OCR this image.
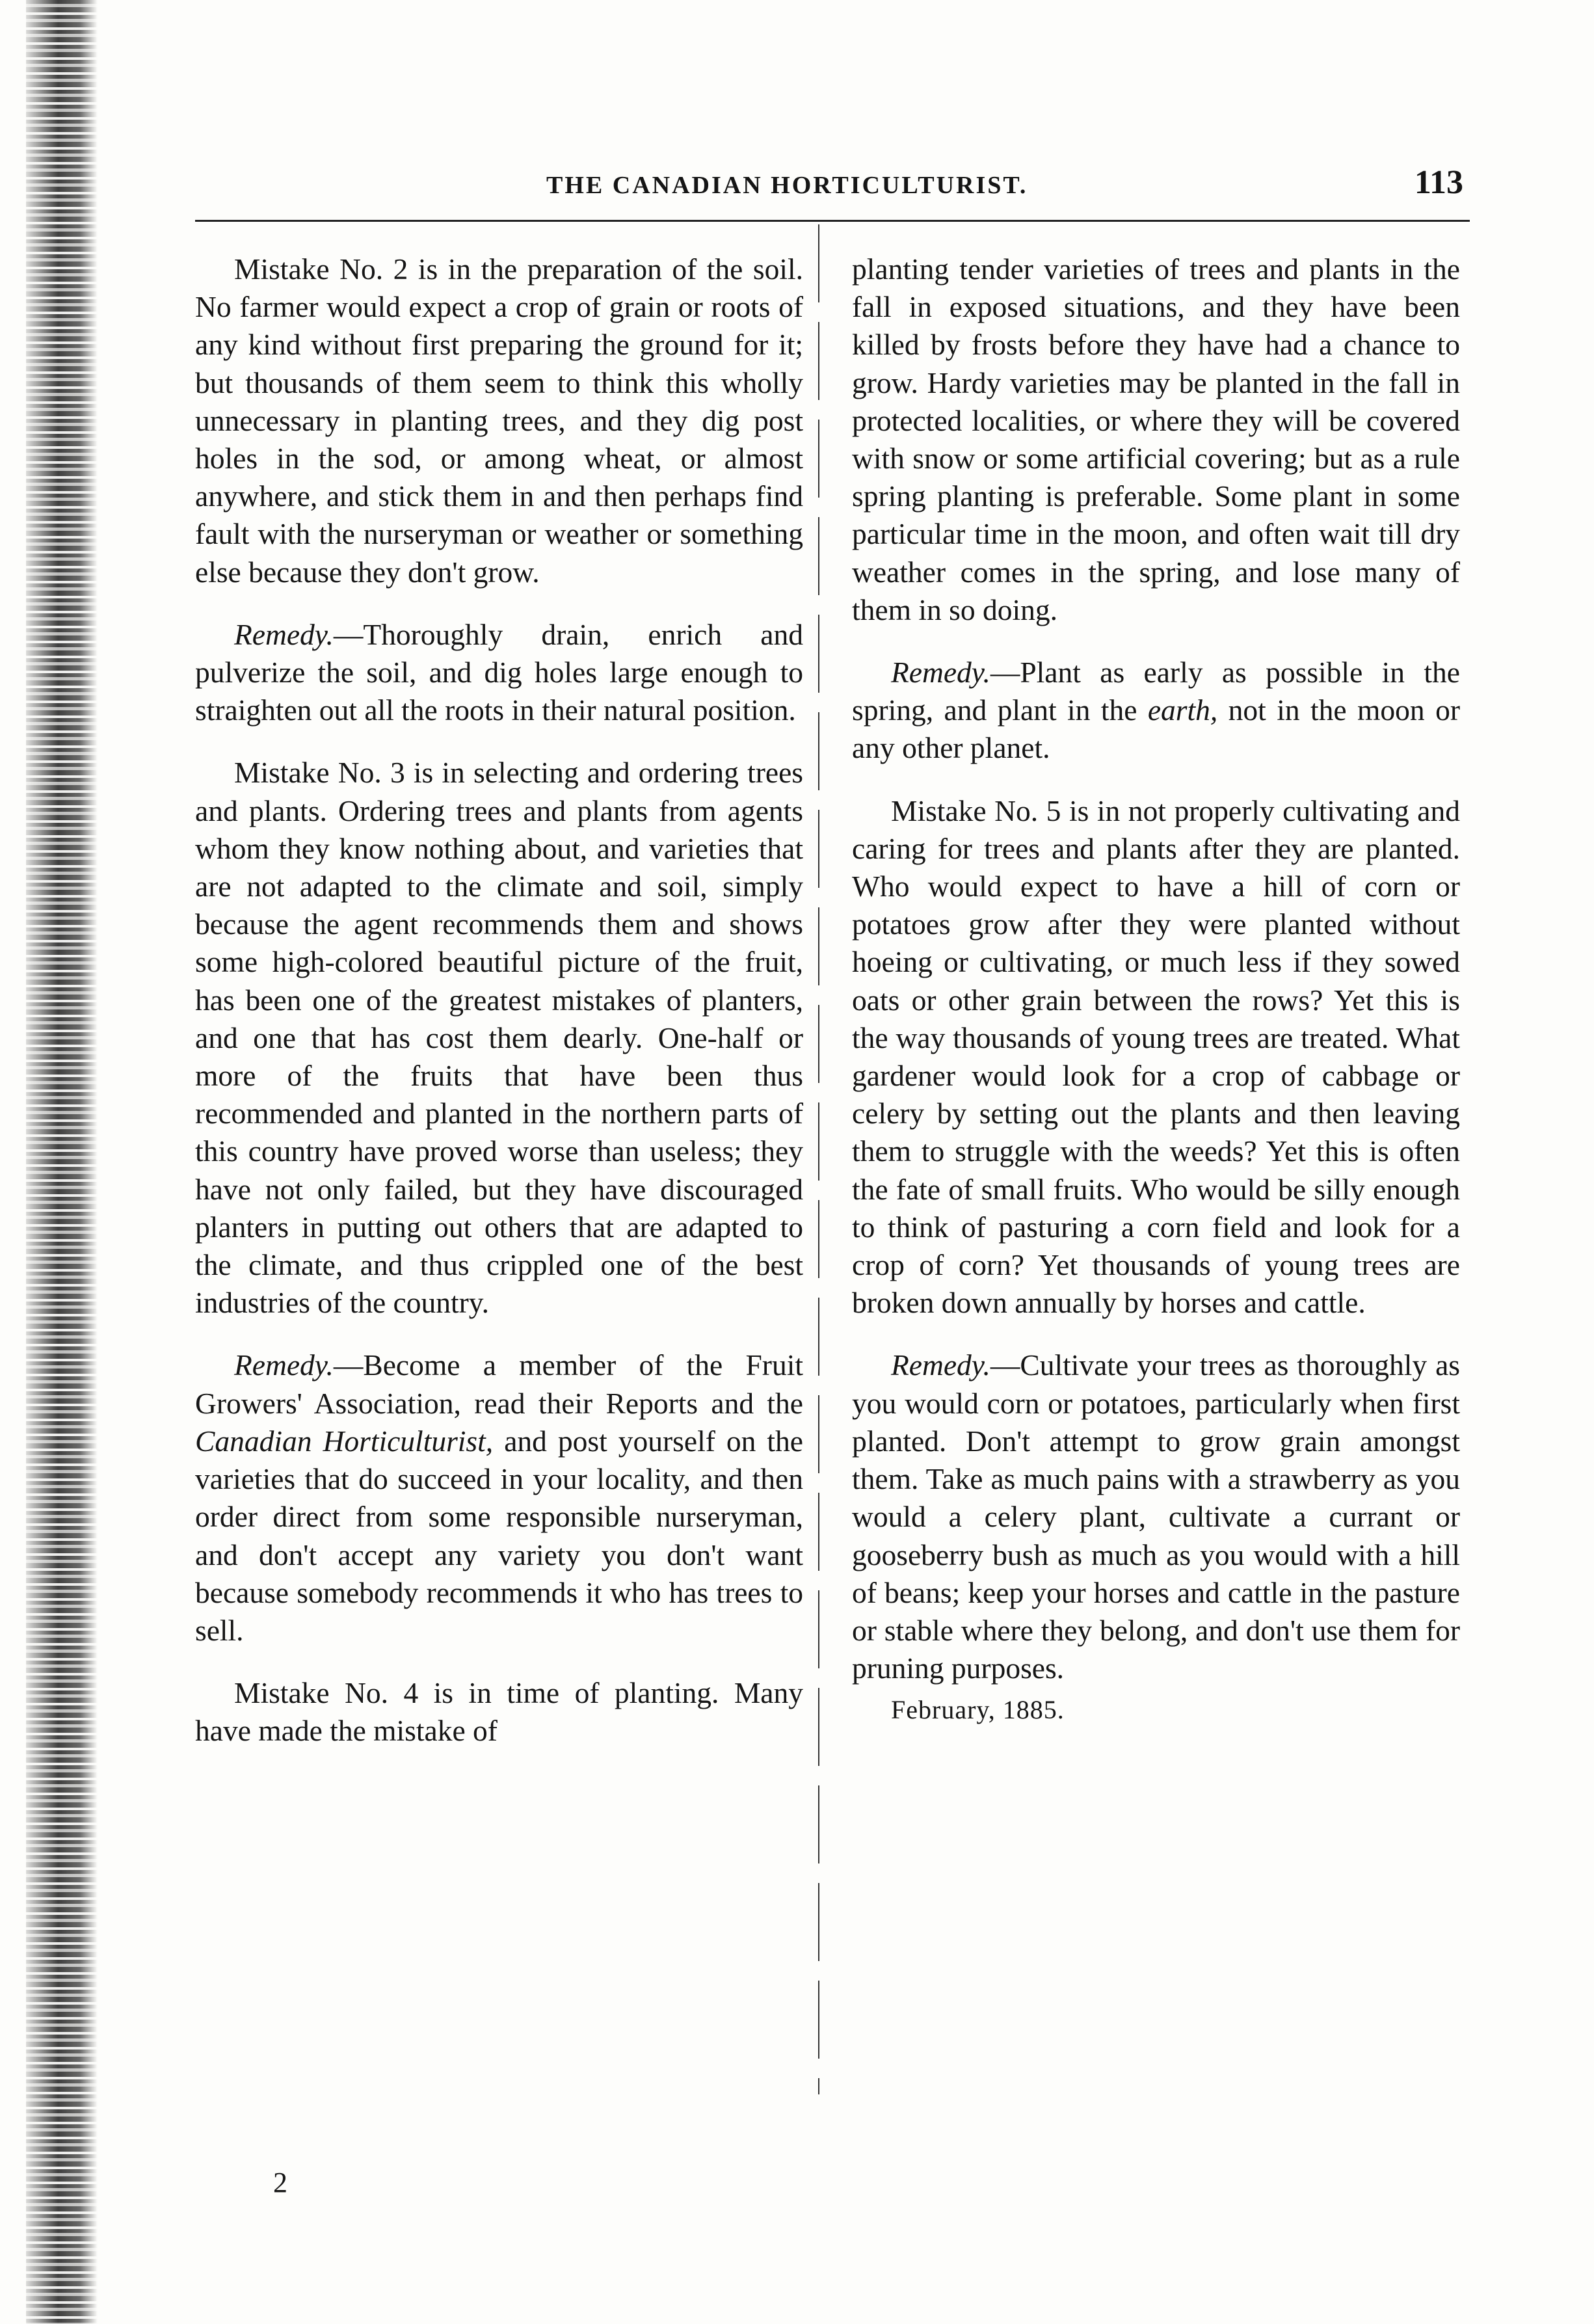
THE CANADIAN HORTICULTURIST.	113

Mistake No. 2 is in the preparation of the soil. No farmer would expect a crop of grain or roots of any kind without first preparing the ground for it; but thousands of them seem to think this wholly unnecessary in planting trees, and they dig post holes in the sod, or among wheat, or almost anywhere, and stick them in and then perhaps find fault with the nurseryman or weather or something else because they don't grow.

Remedy.—Thoroughly drain, enrich and pulverize the soil, and dig holes large enough to straighten out all the roots in their natural position.

Mistake No. 3 is in selecting and ordering trees and plants. Ordering trees and plants from agents whom they know nothing about, and varieties that are not adapted to the climate and soil, simply because the agent recommends them and shows some high-colored beautiful picture of the fruit, has been one of the greatest mistakes of planters, and one that has cost them dearly. One-half or more of the fruits that have been thus recommended and planted in the northern parts of this country have proved worse than useless; they have not only failed, but they have discouraged planters in putting out others that are adapted to the climate, and thus crippled one of the best industries of the country.

Remedy.—Become a member of the Fruit Growers' Association, read their Reports and the Canadian Horticulturist, and post yourself on the varieties that do succeed in your locality, and then order direct from some responsible nurseryman, and don't accept any variety you don't want because somebody recommends it who has trees to sell.

Mistake No. 4 is in time of planting. Many have made the mistake of

2

planting tender varieties of trees and plants in the fall in exposed situations, and they have been killed by frosts before they have had a chance to grow. Hardy varieties may be planted in the fall in protected localities, or where they will be covered with snow or some artificial covering; but as a rule spring planting is preferable. Some plant in some particular time in the moon, and often wait till dry weather comes in the spring, and lose many of them in so doing.

Remedy.—Plant as early as possible in the spring, and plant in the earth, not in the moon or any other planet.

Mistake No. 5 is in not properly cultivating and caring for trees and plants after they are planted. Who would expect to have a hill of corn or potatoes grow after they were planted without hoeing or cultivating, or much less if they sowed oats or other grain between the rows? Yet this is the way thousands of young trees are treated. What gardener would look for a crop of cabbage or celery by setting out the plants and then leaving them to struggle with the weeds? Yet this is often the fate of small fruits. Who would be silly enough to think of pasturing a corn field and look for a crop of corn? Yet thousands of young trees are broken down annually by horses and cattle.

Remedy.—Cultivate your trees as thoroughly as you would corn or potatoes, particularly when first planted. Don't attempt to grow grain amongst them. Take as much pains with a strawberry as you would a celery plant, cultivate a currant or gooseberry bush as much as you would with a hill of beans; keep your horses and cattle in the pasture or stable where they belong, and don't use them for pruning purposes.

February, 1885.
